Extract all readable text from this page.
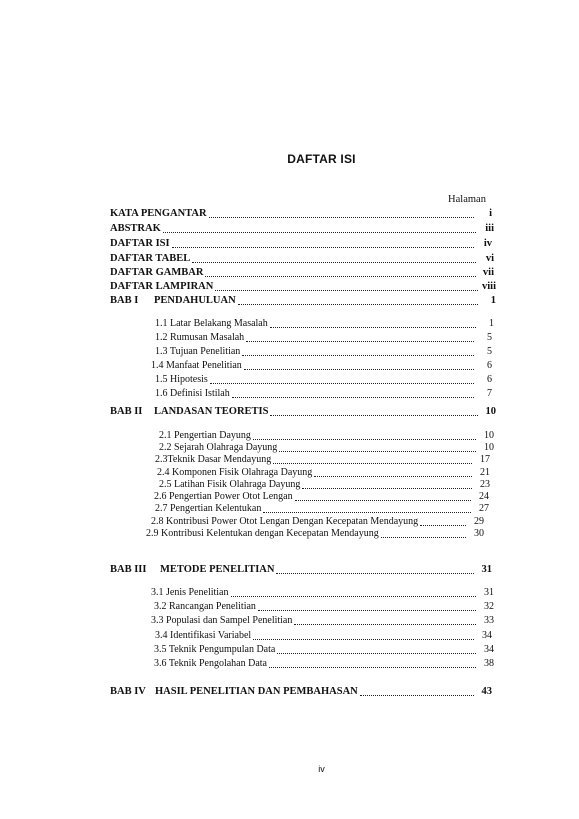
DAFTAR ISI
Halaman
KATA PENGANTAR	i
ABSTRAK	iii
DAFTAR ISI	iv
DAFTAR TABEL	vi
DAFTAR GAMBAR	vii
DAFTAR LAMPIRAN	viii
BAB I PENDAHULUAN	1
1.1 Latar Belakang Masalah	1
1.2 Rumusan Masalah	5
1.3 Tujuan Penelitian	5
1.4 Manfaat Penelitian	6
1.5 Hipotesis	6
1.6 Definisi Istilah	7
BAB II LANDASAN TEORETIS	10
2.1 Pengertian Dayung	10
2.2 Sejarah Olahraga Dayung	10
2.3Teknik Dasar Mendayung	17
2.4 Komponen Fisik Olahraga Dayung	21
2.5 Latihan Fisik Olahraga Dayung	23
2.6 Pengertian Power Otot Lengan	24
2.7 Pengertian Kelentukan	27
2.8 Kontribusi Power Otot Lengan Dengan Kecepatan Mendayung	29
2.9 Kontribusi Kelentukan dengan Kecepatan Mendayung	30
BAB III METODE PENELITIAN	31
3.1 Jenis Penelitian	31
3.2 Rancangan Penelitian	32
3.3 Populasi dan Sampel Penelitian	33
3.4 Identifikasi Variabel	34
3.5 Teknik Pengumpulan Data	34
3.6 Teknik Pengolahan Data	38
BAB IV HASIL PENELITIAN DAN PEMBAHASAN	43
iv
